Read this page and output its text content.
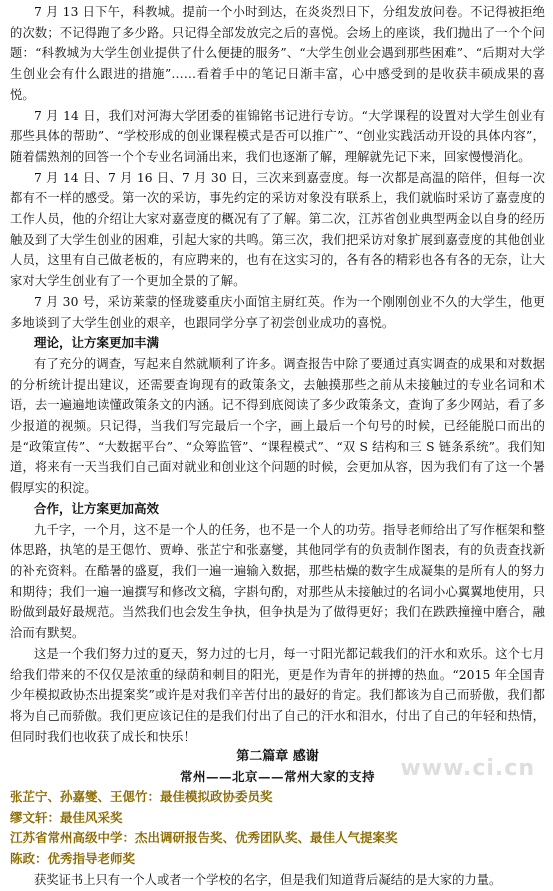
7 月 13 日下午，科教城。提前一个小时到达，在炎炎烈日下，分组发放问卷。不记得被拒绝的次数；不记得跑了多少路。只记得全部发放完之后的喜悦。会场上的座谈，我们抛出了一个个问题：“科教城为大学生创业提供了什么便捷的服务”、“大学生创业会遇到那些困难”、“后期对大学生创业会有什么跟进的措施”……看着手中的笔记日渐丰富，心中感受到的是收获丰硕成果的喜悦。

7 月 14 日，我们对河海大学团委的崔锦铭书记进行专访。“大学课程的设置对大学生创业有那些具体的帮助”、“学校形成的创业课程模式是否可以推广”、“创业实践活动开设的具体内容”，随着儒熟剂的回答一个个专业名词涌出来，我们也逐渐了解，理解就先记下来，回家慢慢消化。

7 月 14 日、7 月 16 日、7 月 30 日，三次来到嘉壹度。每一次都是高温的陪伴，但每一次都有不一样的感受。第一次的采访，事先约定的采访对象没有联系上，我们就临时采访了嘉壹度的工作人员，他的介绍让大家对嘉壹度的概况有了了解。第二次，江苏省创业典型两金以自身的经历触及到了大学生创业的困难，引起大家的共鸣。第三次，我们把采访对象扩展到嘉壹度的其他创业人员，这里有自己做老板的，有应聘来的，也有在这实习的，各有各的精彩也各有各的无奈，让大家对大学生创业有了一个更加全景的了解。

7 月 30 号，采访莱蒙的怪珑婆重庆小面馆主厨红英。作为一个刚刚创业不久的大学生，他更多地谈到了大学生创业的艰辛，也跟同学分享了初尝创业成功的喜悦。

理论，让方案更加丰满

有了充分的调查，写起来自然就顺利了许多。调查报告中除了要通过真实调查的成果和对数据的分析统计提出建议，还需要查询现有的政策条文，去触摸那些之前从未接触过的专业名词和术语，去一遍遍地读懂政策条文的内涵。记不得到底阅读了多少政策条文，查询了多少网站，看了多少报道的视频。只记得，当我们写完最后一个字，画上最后一个句号的时候，已经能脱口而出的是“政策宣传”、“大数据平台”、“众筹监管”、“课程模式”、“双 S 结构和三 S 链条系统”。我们知道，将来有一天当我们自己面对就业和创业这个问题的时候，会更加从容，因为我们有了这一个暑假厚实的积淀。

合作，让方案更加高效

九千字，一个月，这不是一个人的任务，也不是一个人的功劳。指导老师给出了写作框架和整体思路，执笔的是王偲竹、贾峥、张芷宁和张嘉燮，其他同学有的负责制作图表，有的负责查找新的补充资料。在酷暑的盛夏，我们一遍一遍输入数据，那些枯燥的数字生成凝集的是所有人的努力和期待；我们一遍一遍撰写和修改文稿，字斟句酌，对那些从未接触过的名词小心翼翼地使用，只盼做到最好最规范。当然我们也会发生争执，但争执是为了做得更好；我们在跌跌撞撞中磨合，融洽而有默契。

这是一个我们努力过的夏天，努力过的七月，每一寸阳光都记载我们的汗水和欢乐。这个七月给我们带来的不仅仅是浓重的绿荫和刺目的阳光，更是作为青年的拼搏的热血。“2015 年全国青少年模拟政协杰出提案奖”或许是对我们辛苦付出的最好的肯定。我们都该为自己而骄傲，我们都将为自己而骄傲。我们更应该记住的是我们付出了自己的汗水和泪水，付出了自己的年轻和热情，但同时我们也收获了成长和快乐！

第二篇章 感谢

常州——北京——常州大家的支持

张芷宁、孙嘉燮、王偲竹：最佳模拟政协委员奖

缪文轩：最佳风采奖

江苏省常州高级中学：杰出调研报告奖、优秀团队奖、最佳人气提案奖

陈政：优秀指导老师奖

获奖证书上只有一个人或者一个学校的名字，但是我们知道背后凝结的是大家的力量。

www.ci.cn
